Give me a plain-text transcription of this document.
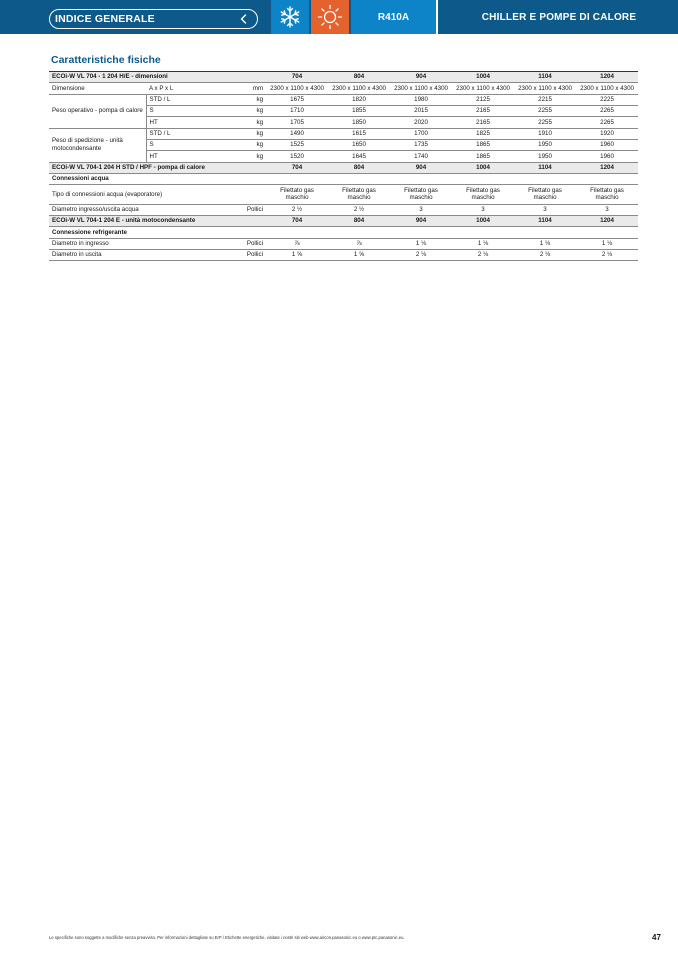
INDICE GENERALE	R410A	CHILLER E POMPE DI CALORE
Caratteristiche fisiche
ECOi-W VL 704 - 1 204 H/E - dimensioni			704	804	904	1004	1104	1204
Dimensione	A x P x L	mm	2300 x 1100 x 4300	2300 x 1100 x 4300	2300 x 1100 x 4300	2300 x 1100 x 4300	2300 x 1100 x 4300	2300 x 1100 x 4300
Peso operativo - pompa di calore	STD / L	kg	1675	1820	1980	2125	2215	2225
	S	kg	1710	1855	2015	2165	2255	2265
	HT	kg	1705	1850	2020	2165	2255	2265
Peso di spedizione - unità motocondensante	STD / L	kg	1490	1615	1700	1825	1910	1920
	S	kg	1525	1650	1735	1865	1950	1960
	HT	kg	1520	1645	1740	1865	1950	1960
ECOi-W VL 704-1 204 H STD / HPF - pompa di calore			704	804	904	1004	1104	1204
Connessioni acqua								
Tipo di connessioni acqua (evaporatore)			Filettato gas maschio	Filettato gas maschio	Filettato gas maschio	Filettato gas maschio	Filettato gas maschio	Filettato gas maschio
Diametro ingresso/uscita acqua		Pollici	2 ½	2 ½	3	3	3	3
ECOi-W VL 704-1 204 E - unità motocondensante			704	804	904	1004	1104	1204
Connessione refrigerante								
Diametro in ingresso		Pollici	⅞	⅞	1 ⅛	1 ⅛	1 ⅛	1 ⅛
Diametro in uscita		Pollici	1 ⅝	1 ⅝	2 ⅛	2 ⅛	2 ⅛	2 ⅛
Le specifiche sono soggette a modifiche senza preavviso. Per informazioni dettagliate su ErP / Etichette energetiche, visitate i nostri siti web www.aircon.panasonic.eu o www.ptc.panasonic.eu.	47
